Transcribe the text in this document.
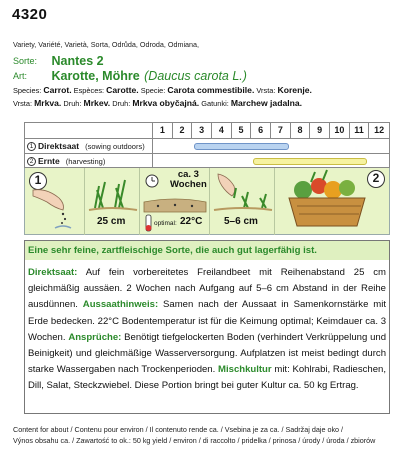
4320
Variety, Variété, Varietà, Sorta, Odrůda, Odroda, Odmiana,
Sorte: Nantes 2
Art: Karotte, Möhre (Daucus carota L.)
Species: Carrot. Espèces: Carotte. Specie: Carota commestibile. Vrsta: Korenje.
Vrsta: Mrkva. Druh: Mrkev. Druh: Mrkva obyčajná. Gatunki: Marchew jadalna.
1	2	3	4	5	6	7	8	9	10	11	12
1 Direktsaat (sowing outdoors)
2 Ernte (harvesting)
1
25 cm
ca. 3
Wochen
optimal: 22°C 5–6 cm
2
Eine sehr feine, zartfleischige Sorte, die auch gut lagerfähig ist.
Direktsaat: Auf fein vorbereitetes Freilandbeet mit Reihenabstand 25 cm gleichmäßig aussäen. 2 Wochen nach Aufgang auf 5–6 cm Abstand in der Reihe ausdünnen. Aussaathinweis: Samen nach der Aussaat in Samenkornstärke mit Erde bedecken. 22°C Bodentemperatur ist für die Keimung optimal; Keimdauer ca. 3 Wochen. Ansprüche: Benötigt tiefgelockerten Boden (verhindert Verkrüppelung und Beinigkeit) und gleichmäßige Wasserversorgung. Aufplatzen ist meist bedingt durch starke Wassergaben nach Trockenperioden. Mischkultur mit: Kohlrabi, Radieschen, Dill, Salat, Steckzwiebel. Diese Portion bringt bei guter Kultur ca. 50 kg Ertrag.
Content for about / Contenu pour environ / Il contenuto rende ca. / Vsebina je za ca. / Sadržaj daje oko /
Výnos obsahu ca. / Zawartość to ok.: 50 kg yield / environ / di raccolto / pridelka / prinosa / úrody / úroda / zbiorów
